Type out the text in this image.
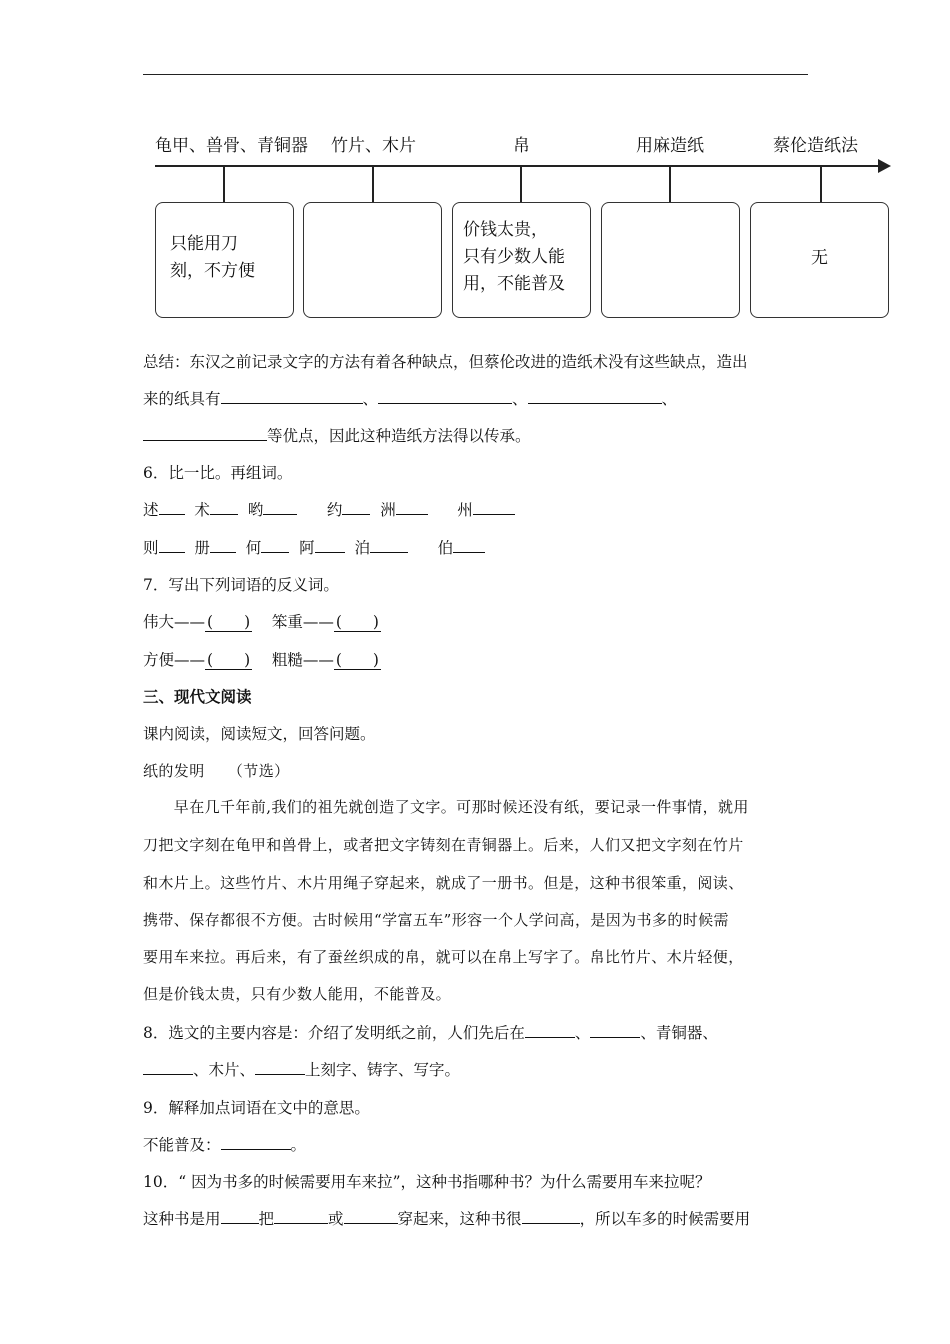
龟甲、兽骨、青铜器 竹片、木片	帛	用麻造纸	蔡伦造纸法
只能用刀
刻，不方便
价钱太贵，
只有少数人能
用，不能普及
无
总结：东汉之前记录文字的方法有着各种缺点，但蔡伦改进的造纸术没有这些缺点，造出
来的纸具有	、	、	、
等优点，因此这种造纸方法得以传承。
6．比一比。再组词。
述 术 哟	约 洲	州
则 册 何 阿	泊	伯
7．写出下列词语的反义词。
伟大—— (　　) 笨重—— (　　)
方便—— (　　) 粗糙—— (　　)
三、现代文阅读
课内阅读，阅读短文，回答问题。
纸的发明　　（节选）
　　早在几千年前,我们的祖先就创造了文字。可那时候还没有纸，要记录一件事情，就用
刀把文字刻在龟甲和兽骨上，或者把文字铸刻在青铜器上。后来，人们又把文字刻在竹片
和木片上。这些竹片、木片用绳子穿起来，就成了一册书。但是，这种书很笨重，阅读、
携带、保存都很不方便。古时候用“学富五车”形容一个人学问高，是因为书多的时候需
要用车来拉。再后来，有了蚕丝织成的帛，就可以在帛上写字了。帛比竹片、木片轻便，
但是价钱太贵，只有少数人能用，不能普及。
8．选文的主要内容是：介绍了发明纸之前，人们先后在	、	、青铜器、
、木片、	上刻字、铸字、写字。
9．解释加点词语在文中的意思。
不能普及：	。
10．“ 因为书多的时候需要用车来拉”，这种书指哪种书？为什么需要用车来拉呢？
这种书是用 把	或	穿起来，这种书很	，所以车多的时候需要用
